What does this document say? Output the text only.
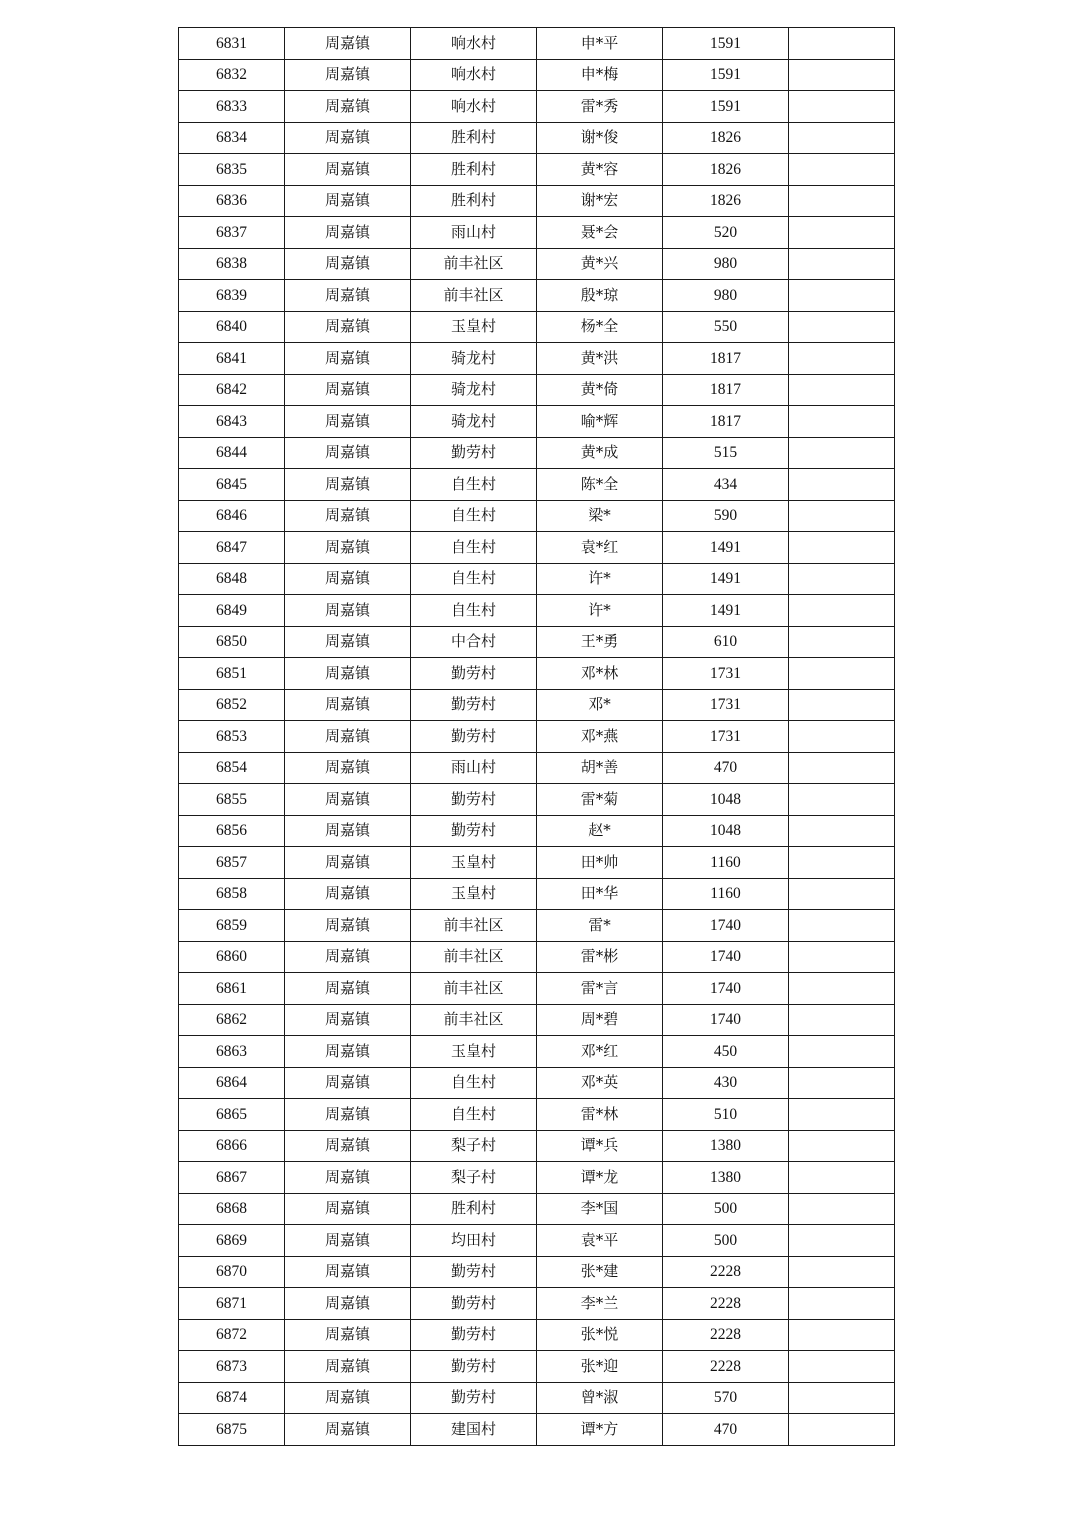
6831	周嘉镇	响水村	申*平	1591	
6832	周嘉镇	响水村	申*梅	1591	
6833	周嘉镇	响水村	雷*秀	1591	
6834	周嘉镇	胜利村	谢*俊	1826	
6835	周嘉镇	胜利村	黄*容	1826	
6836	周嘉镇	胜利村	谢*宏	1826	
6837	周嘉镇	雨山村	聂*会	520	
6838	周嘉镇	前丰社区	黄*兴	980	
6839	周嘉镇	前丰社区	殷*琼	980	
6840	周嘉镇	玉皇村	杨*全	550	
6841	周嘉镇	骑龙村	黄*洪	1817	
6842	周嘉镇	骑龙村	黄*倚	1817	
6843	周嘉镇	骑龙村	喻*辉	1817	
6844	周嘉镇	勤劳村	黄*成	515	
6845	周嘉镇	自生村	陈*全	434	
6846	周嘉镇	自生村	梁*	590	
6847	周嘉镇	自生村	袁*红	1491	
6848	周嘉镇	自生村	许*	1491	
6849	周嘉镇	自生村	许*	1491	
6850	周嘉镇	中合村	王*勇	610	
6851	周嘉镇	勤劳村	邓*林	1731	
6852	周嘉镇	勤劳村	邓*	1731	
6853	周嘉镇	勤劳村	邓*燕	1731	
6854	周嘉镇	雨山村	胡*善	470	
6855	周嘉镇	勤劳村	雷*菊	1048	
6856	周嘉镇	勤劳村	赵*	1048	
6857	周嘉镇	玉皇村	田*帅	1160	
6858	周嘉镇	玉皇村	田*华	1160	
6859	周嘉镇	前丰社区	雷*	1740	
6860	周嘉镇	前丰社区	雷*彬	1740	
6861	周嘉镇	前丰社区	雷*言	1740	
6862	周嘉镇	前丰社区	周*碧	1740	
6863	周嘉镇	玉皇村	邓*红	450	
6864	周嘉镇	自生村	邓*英	430	
6865	周嘉镇	自生村	雷*林	510	
6866	周嘉镇	梨子村	谭*兵	1380	
6867	周嘉镇	梨子村	谭*龙	1380	
6868	周嘉镇	胜利村	李*国	500	
6869	周嘉镇	均田村	袁*平	500	
6870	周嘉镇	勤劳村	张*建	2228	
6871	周嘉镇	勤劳村	李*兰	2228	
6872	周嘉镇	勤劳村	张*悦	2228	
6873	周嘉镇	勤劳村	张*迎	2228	
6874	周嘉镇	勤劳村	曾*淑	570	
6875	周嘉镇	建国村	谭*方	470	
